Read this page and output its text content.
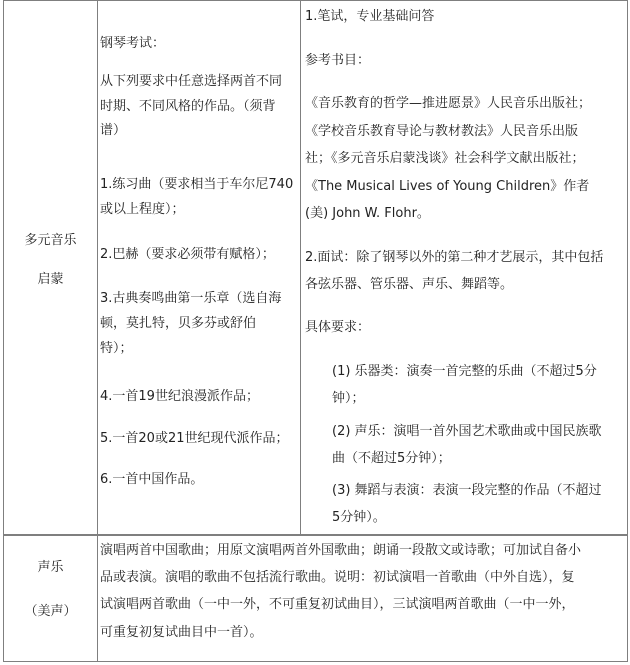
多元音乐
启蒙
钢琴考试：
从下列要求中任意选择两首不同
时期、不同风格的作品。（须背
谱）
1.练习曲（要求相当于车尔尼740
或以上程度）；
2.巴赫（要求必须带有赋格）；
3.古典奏鸣曲第一乐章（选自海
顿，莫扎特，贝多芬或舒伯
特）；
4.一首19世纪浪漫派作品；
5.一首20或21世纪现代派作品；
6.一首中国作品。
1.笔试，专业基础问答
参考书目：
《音乐教育的哲学—推进愿景》人民音乐出版社；
《学校音乐教育导论与教材教法》人民音乐出版
社；《多元音乐启蒙浅谈》社会科学文献出版社；
《The Musical Lives of Young Children》作者
(美) John W. Flohr。
2.面试：除了钢琴以外的第二种才艺展示，其中包括
各弦乐器、管乐器、声乐、舞蹈等。
具体要求：
(1) 乐器类：演奏一首完整的乐曲（不超过5分
钟）；
(2) 声乐：演唱一首外国艺术歌曲或中国民族歌
曲（不超过5分钟）；
(3) 舞蹈与表演：表演一段完整的作品（不超过
5分钟）。
声乐
（美声）
演唱两首中国歌曲；用原文演唱两首外国歌曲；朗诵一段散文或诗歌；可加试自备小
品或表演。演唱的歌曲不包括流行歌曲。说明：初试演唱一首歌曲（中外自选），复
试演唱两首歌曲（一中一外，不可重复初试曲目），三试演唱两首歌曲（一中一外，
可重复初复试曲目中一首）。
